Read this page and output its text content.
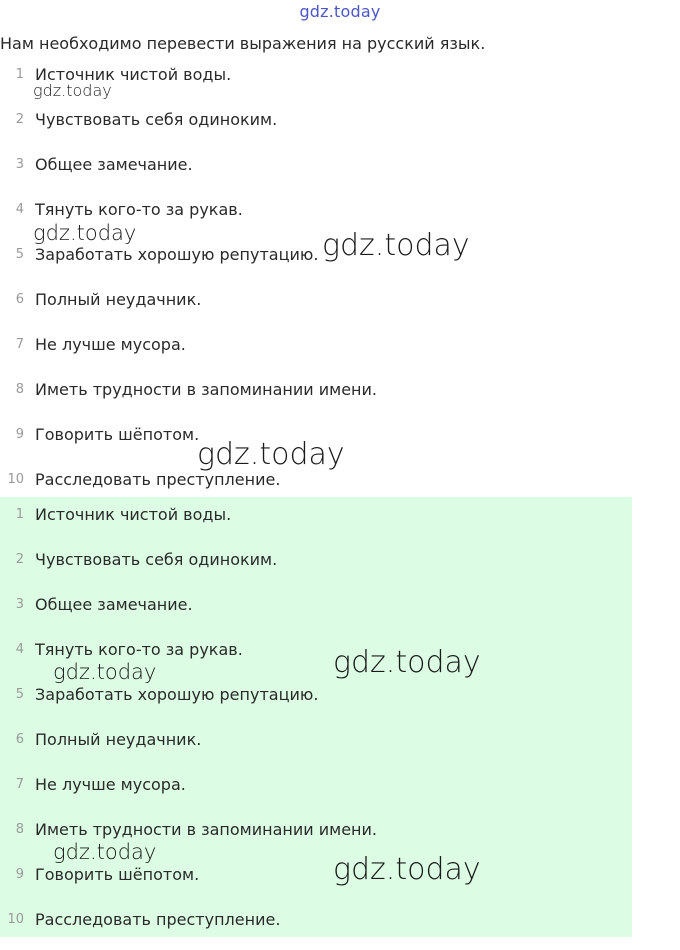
gdz.today
Нам необходимо перевести выражения на русский язык.
1 Источник чистой воды.
2 Чувствовать себя одиноким.
3 Общее замечание.
4 Тянуть кого-то за рукав.
5 Заработать хорошую репутацию.
6 Полный неудачник.
7 Не лучше мусора.
8 Иметь трудности в запоминании имени.
9 Говорить шёпотом.
10 Расследовать преступление.
1 Источник чистой воды.
2 Чувствовать себя одиноким.
3 Общее замечание.
4 Тянуть кого-то за рукав.
5 Заработать хорошую репутацию.
6 Полный неудачник.
7 Не лучше мусора.
8 Иметь трудности в запоминании имени.
9 Говорить шёпотом.
10 Расследовать преступление.
gdz.today
gdz.today	gdz.today
gdz.today
gdz.today	gdz.today
gdz.today	gdz.today
